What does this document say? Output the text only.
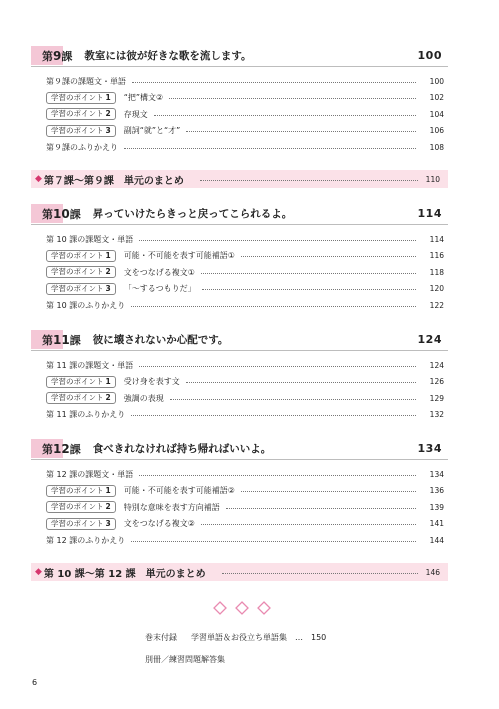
第9課 教室には彼が好きな歌を流します。	100
第９課の課題文・単語	100
学習のポイント 1	“把”構文②	102
学習のポイント 2	存現文	104
学習のポイント 3	副詞“就”と“才”	106
第９課のふりかえり	108
◆ 第７課～第９課　単元のまとめ	110
第10課 昇っていけたらきっと戻ってこられるよ。	114
第 10 課の課題文・単語	114
学習のポイント 1	可能・不可能を表す可能補語①	116
学習のポイント 2	文をつなげる複文①	118
学習のポイント 3	「～するつもりだ」	120
第 10 課のふりかえり	122
第11課 彼に壊されないか心配です。	124
第 11 課の課題文・単語	124
学習のポイント 1	受け身を表す文	126
学習のポイント 2	強調の表現	129
第 11 課のふりかえり	132
第12課 食べきれなければ持ち帰ればいいよ。	134
第 12 課の課題文・単語	134
学習のポイント 1	可能・不可能を表す可能補語②	136
学習のポイント 2	特別な意味を表す方向補語	139
学習のポイント 3	文をつなげる複文②	141
第 12 課のふりかえり	144
◆ 第 10 課～第 12 課　単元のまとめ	146
巻末付録 学習単語＆お役立ち単語集 … 150
別冊／練習問題解答集
6
